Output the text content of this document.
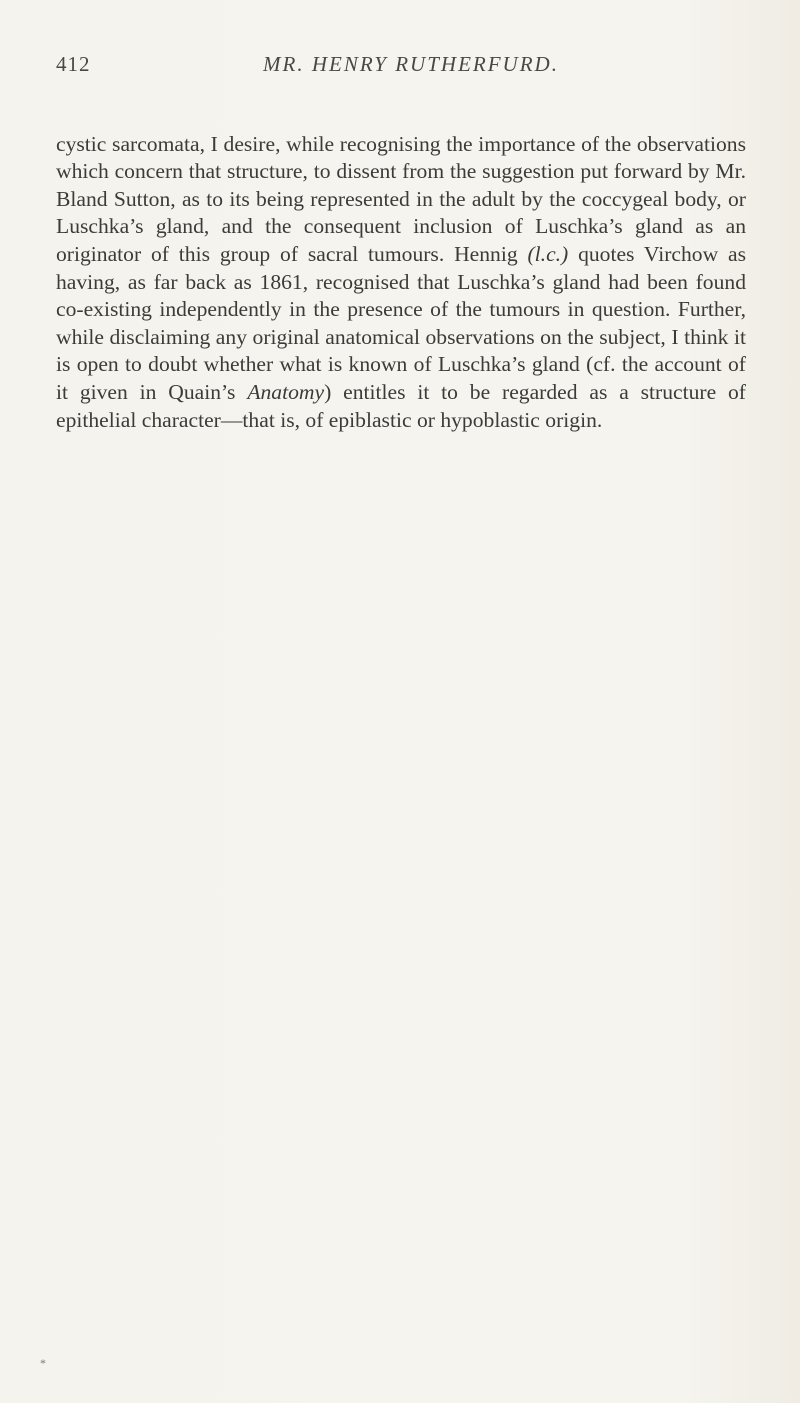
412	MR. HENRY RUTHERFURD.

cystic sarcomata, I desire, while recognising the importance of the observations which concern that structure, to dissent from the suggestion put forward by Mr. Bland Sutton, as to its being represented in the adult by the coccygeal body, or Luschka’s gland, and the consequent inclusion of Luschka’s gland as an originator of this group of sacral tumours. Hennig (l.c.) quotes Virchow as having, as far back as 1861, recognised that Luschka’s gland had been found co-existing independently in the presence of the tumours in question. Further, while disclaiming any original anatomical observations on the subject, I think it is open to doubt whether what is known of Luschka’s gland (cf. the account of it given in Quain’s Anatomy) entitles it to be regarded as a structure of epithelial character—that is, of epiblastic or hypoblastic origin.

*
